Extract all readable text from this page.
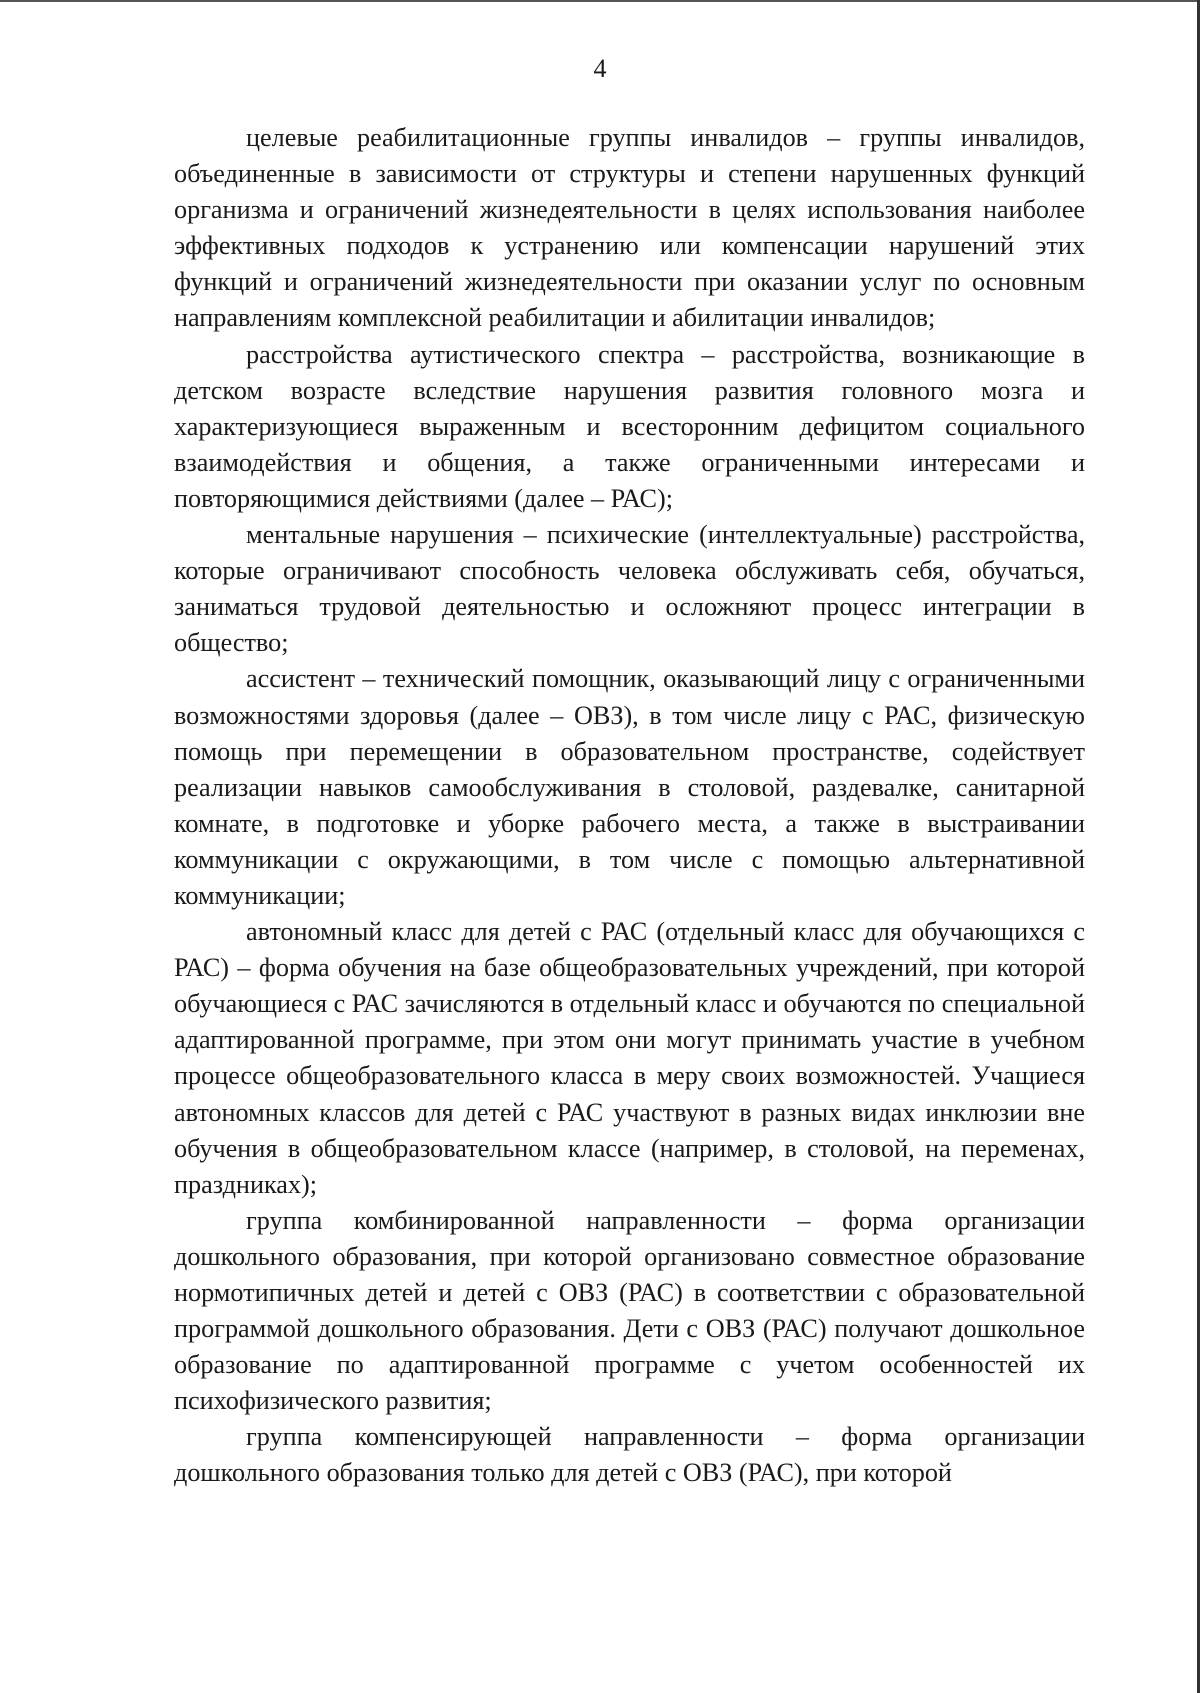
4

целевые реабилитационные группы инвалидов – группы инвалидов, объединенные в зависимости от структуры и степени нарушенных функций организма и ограничений жизнедеятельности в целях использования наиболее эффективных подходов к устранению или компенсации нарушений этих функций и ограничений жизнедеятельности при оказании услуг по основным направлениям комплексной реабилитации и абилитации инвалидов;

расстройства аутистического спектра – расстройства, возникающие в детском возрасте вследствие нарушения развития головного мозга и характеризующиеся выраженным и всесторонним дефицитом социального взаимодействия и общения, а также ограниченными интересами и повторяющимися действиями (далее – РАС);

ментальные нарушения – психические (интеллектуальные) расстройства, которые ограничивают способность человека обслуживать себя, обучаться, заниматься трудовой деятельностью и осложняют процесс интеграции в общество;

ассистент – технический помощник, оказывающий лицу с ограниченными возможностями здоровья (далее – ОВЗ), в том числе лицу с РАС, физическую помощь при перемещении в образовательном пространстве, содействует реализации навыков самообслуживания в столовой, раздевалке, санитарной комнате, в подготовке и уборке рабочего места, а также в выстраивании коммуникации с окружающими, в том числе с помощью альтернативной коммуникации;

автономный класс для детей с РАС (отдельный класс для обучающихся с РАС) – форма обучения на базе общеобразовательных учреждений, при которой обучающиеся с РАС зачисляются в отдельный класс и обучаются по специальной адаптированной программе, при этом они могут принимать участие в учебном процессе общеобразовательного класса в меру своих возможностей. Учащиеся автономных классов для детей с РАС участвуют в разных видах инклюзии вне обучения в общеобразовательном классе (например, в столовой, на переменах, праздниках);

группа комбинированной направленности – форма организации дошкольного образования, при которой организовано совместное образование нормотипичных детей и детей с ОВЗ (РАС) в соответствии с образовательной программой дошкольного образования. Дети с ОВЗ (РАС) получают дошкольное образование по адаптированной программе с учетом особенностей их психофизического развития;

группа компенсирующей направленности – форма организации дошкольного образования только для детей с ОВЗ (РАС), при которой
